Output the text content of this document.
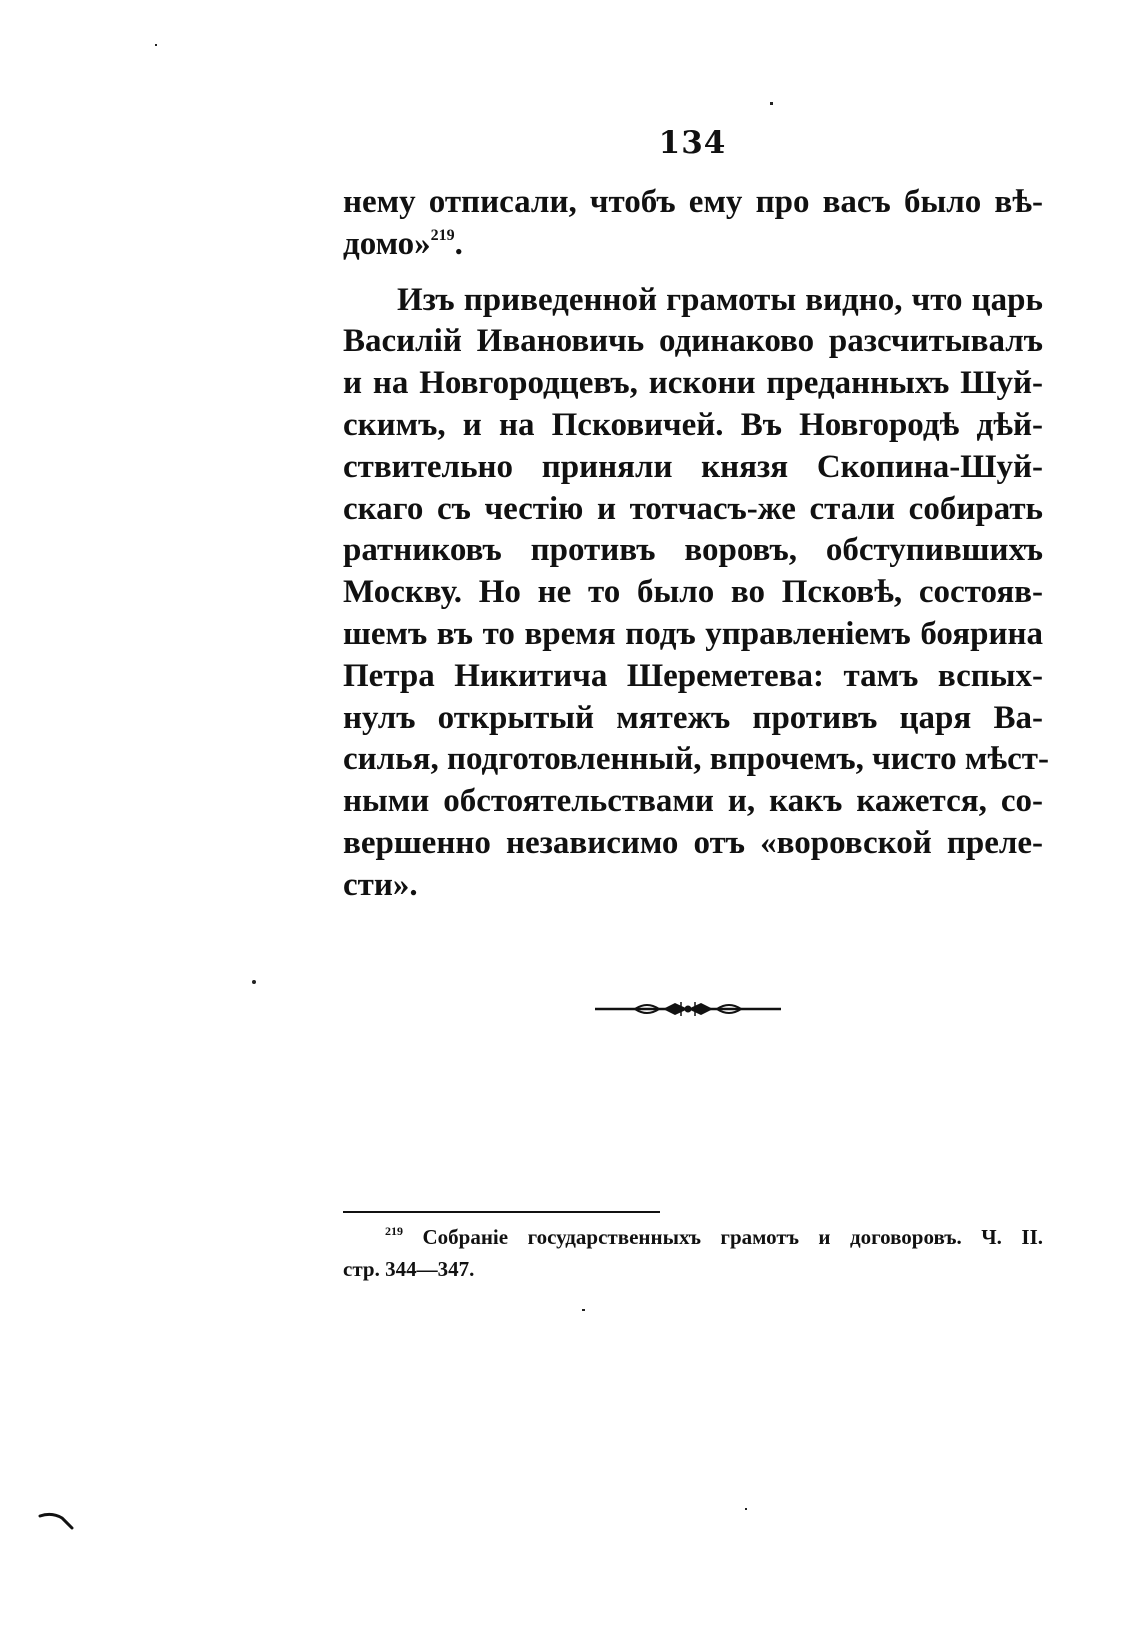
134
нему отписали, чтобъ ему про васъ было вѣ-
домо»$^{219}$.
Изъ приведенной грамоты видно, что царь
Василій Ивановичь одинаково разсчитывалъ
и на Новгородцевъ, искони преданныхъ Шуй-
скимъ, и на Псковичей. Въ Новгородѣ дѣй-
ствительно приняли князя Скопина-Шуй-
скаго съ честію и тотчасъ-же стали собирать
ратниковъ противъ воровъ, обступившихъ
Москву. Но не то было во Псковѣ, состояв-
шемъ въ то время подъ управленіемъ боярина
Петра Никитича Шереметева: тамъ вспых-
нулъ открытый мятежъ противъ царя Ва-
силья, подготовленный, впрочемъ, чисто мѣст-
ными обстоятельствами и, какъ кажется, со-
вершенно независимо отъ «воровской преле-
сти».
$^{219}$ Собраніе государственныхъ грамотъ и договоровъ. Ч. II.
стр. 344—347.
